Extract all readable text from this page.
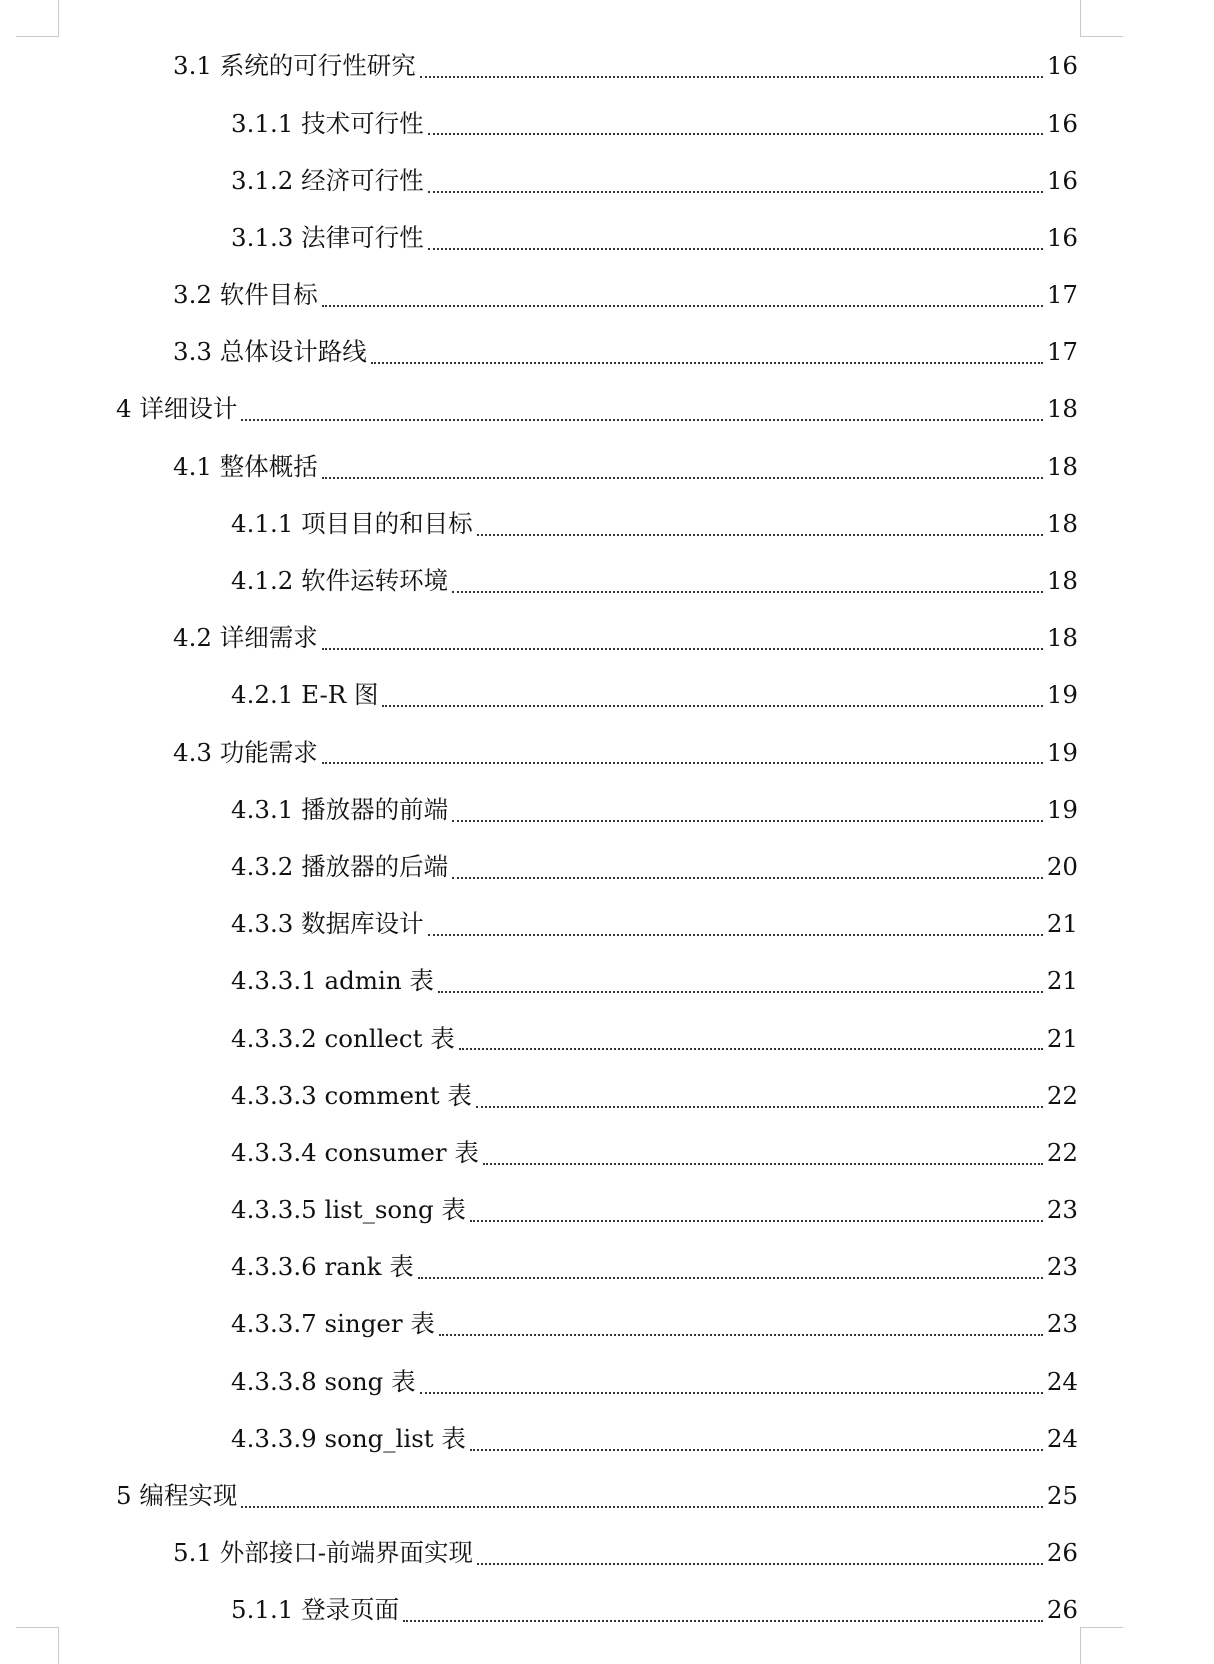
3.1 系统的可行性研究	16
3.1.1 技术可行性	16
3.1.2 经济可行性	16
3.1.3 法律可行性	16
3.2 软件目标	17
3.3 总体设计路线	17
4 详细设计	18
4.1 整体概括	18
4.1.1 项目目的和目标	18
4.1.2 软件运转环境	18
4.2 详细需求	18
4.2.1 E-R 图	19
4.3 功能需求	19
4.3.1 播放器的前端	19
4.3.2 播放器的后端	20
4.3.3 数据库设计	21
4.3.3.1 admin 表	21
4.3.3.2 conllect 表	21
4.3.3.3 comment 表	22
4.3.3.4 consumer 表	22
4.3.3.5 list_song 表	23
4.3.3.6 rank 表	23
4.3.3.7 singer 表	23
4.3.3.8 song 表	24
4.3.3.9 song_list 表	24
5 编程实现	25
5.1 外部接口-前端界面实现	26
5.1.1 登录页面	26
